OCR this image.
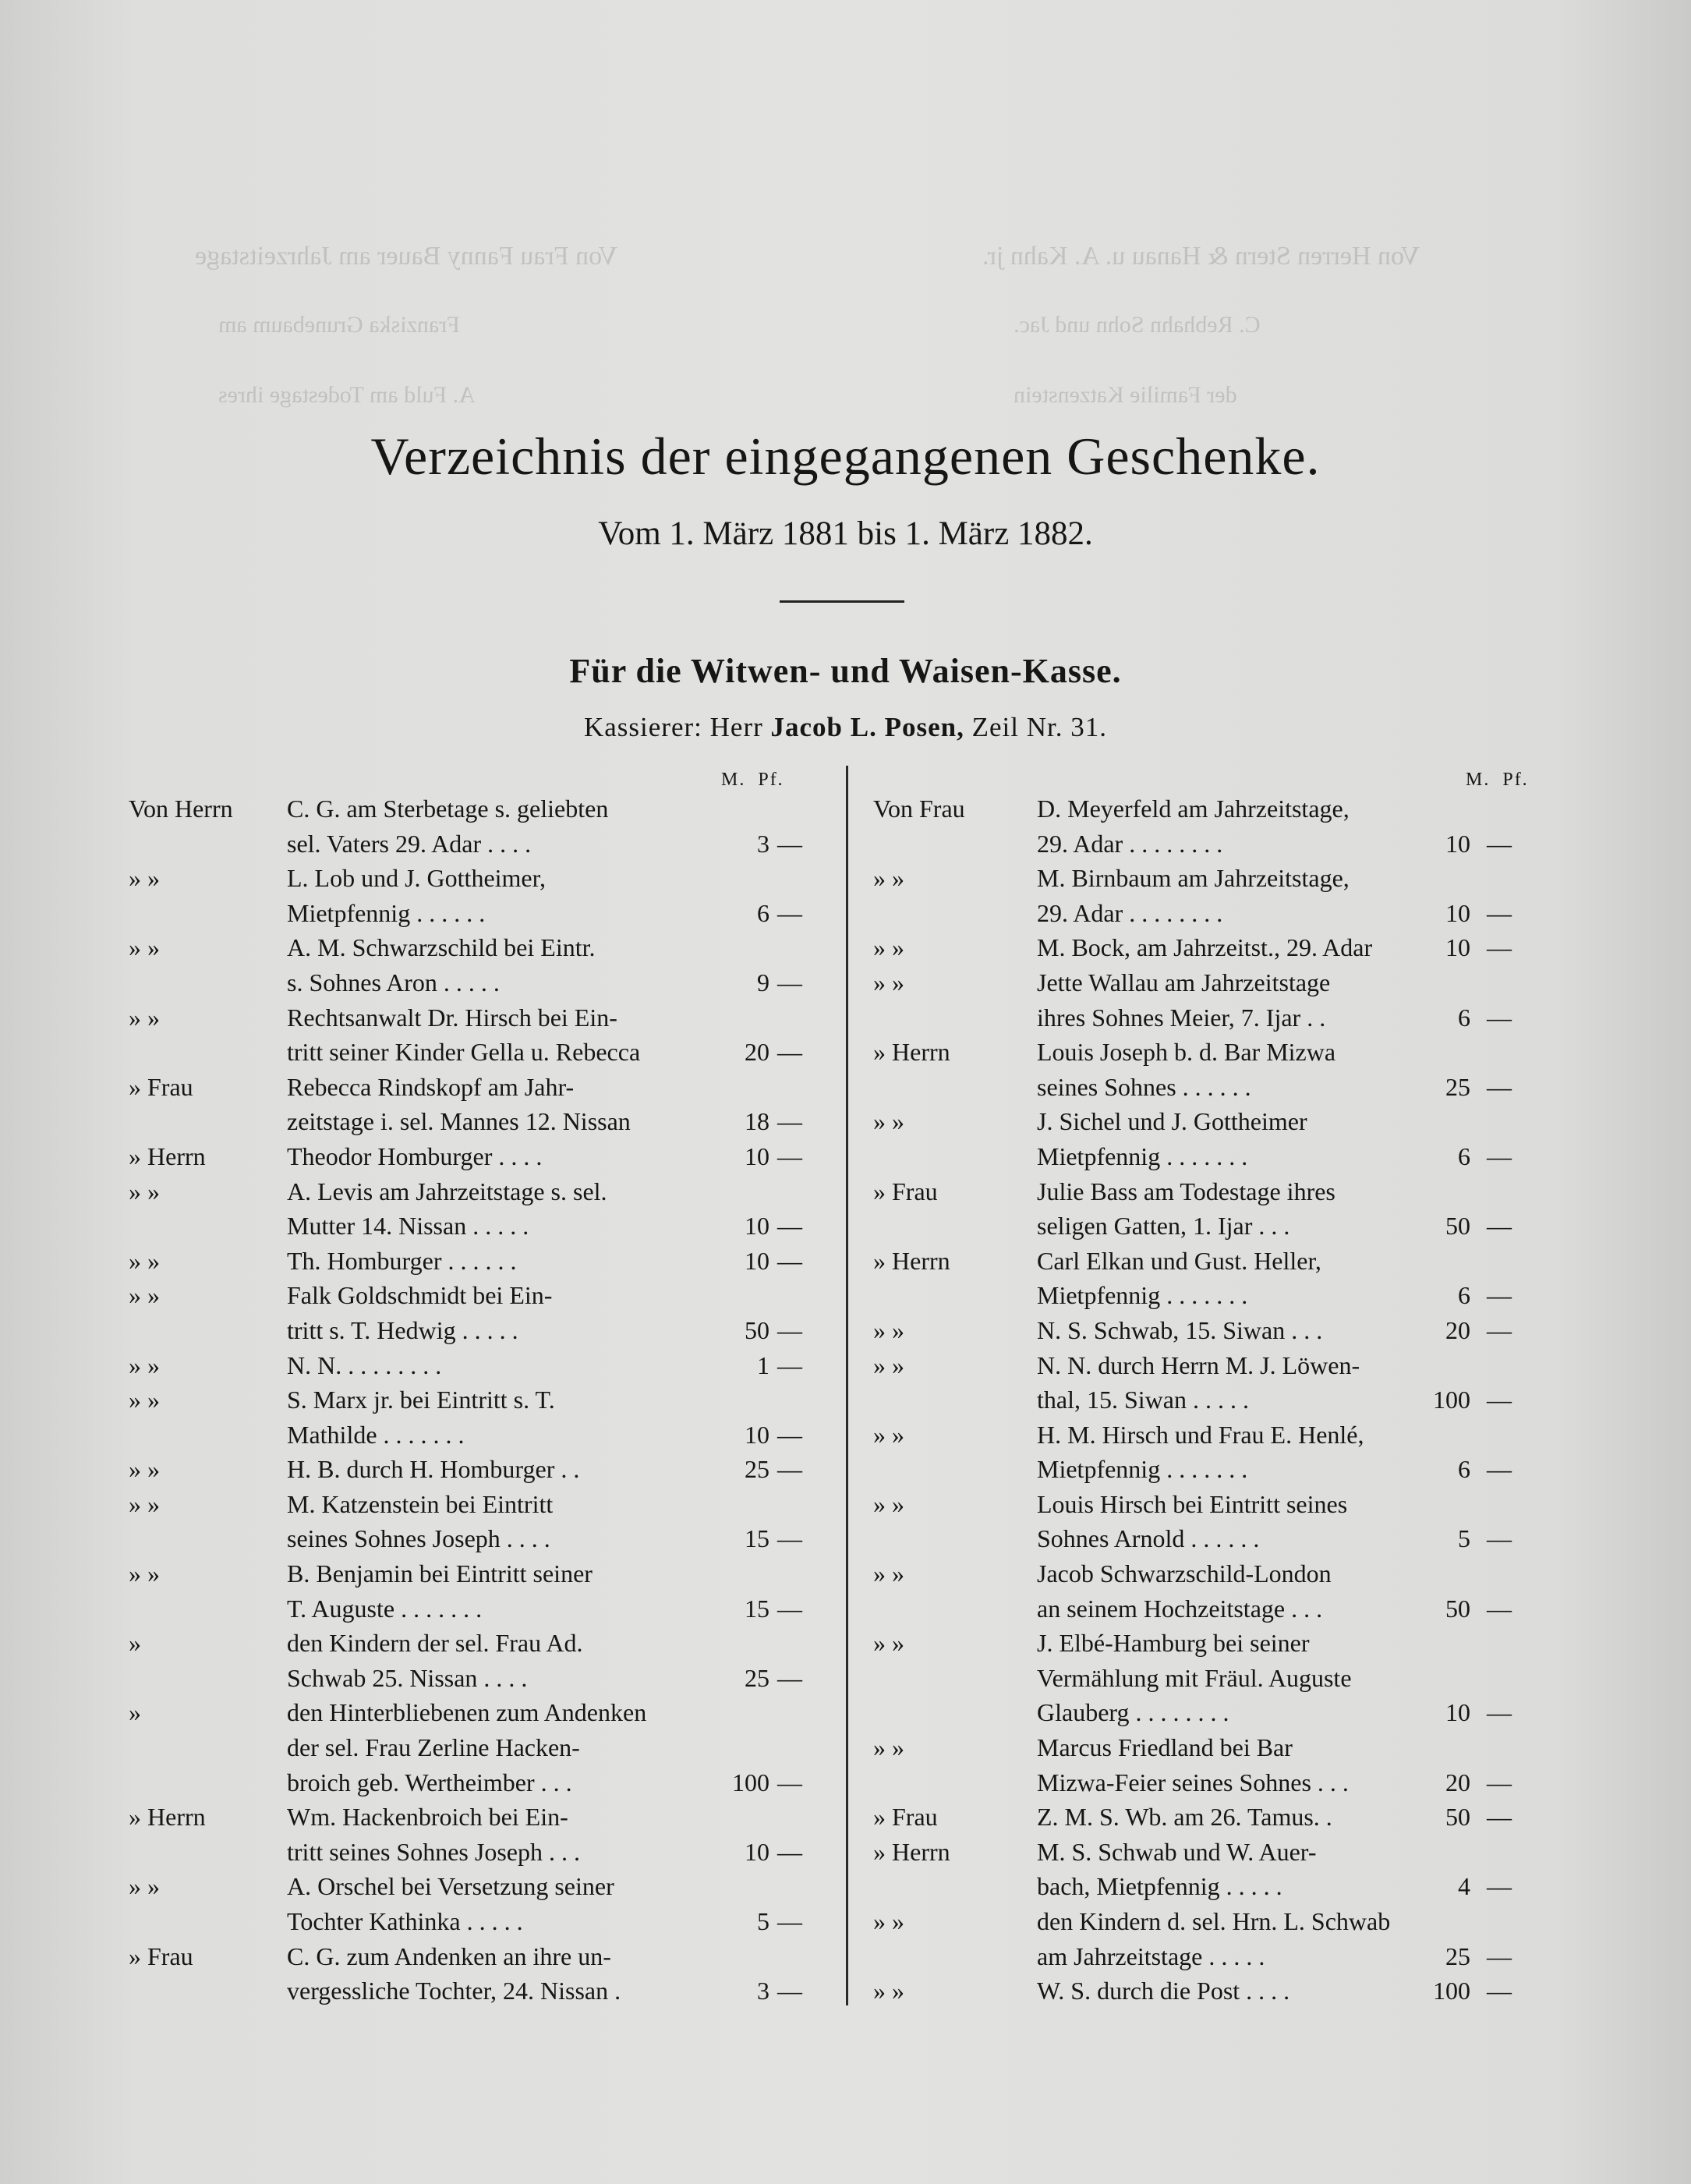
Von Herren Stern & Hanau u. A. Kahn jr.
Von Frau Fanny Bauer am Jahrzeitstage
C. Rebhahn Sohn und Jac.
Franziska Grunebaum am
der Familie Katzenstein
A. Fuld am Todestage ihres
Verzeichnis der eingegangenen Geschenke.
Vom 1. März 1881 bis 1. März 1882.
Für die Witwen- und Waisen-Kasse.
Kassierer: Herr Jacob L. Posen, Zeil Nr. 31.
M. Pf.	M. Pf.
Von Herrn C. G. am Sterbetage s. geliebten
sel. Vaters 29. Adar . . . .	3 —
» »	L. Lob und J. Gottheimer,
Mietpfennig . . . . . .	6 —
» »	A. M. Schwarzschild bei Eintr.
s. Sohnes Aron . . . . .	9 —
» »	Rechtsanwalt Dr. Hirsch bei Ein-
tritt seiner Kinder Gella u. Rebecca	20 —
» Frau	Rebecca Rindskopf am Jahr-
zeitstage i. sel. Mannes 12. Nissan	18 —
» Herrn	Theodor Homburger . . . .	10 —
» »	A. Levis am Jahrzeitstage s. sel.
Mutter 14. Nissan . . . . .	10 —
» »	Th. Homburger . . . . . .	10 —
» »	Falk Goldschmidt bei Ein-
tritt s. T. Hedwig . . . . .	50 —
» »	N. N. . . . . . . . .	1 —
» »	S. Marx jr. bei Eintritt s. T.
Mathilde . . . . . . .	10 —
» »	H. B. durch H. Homburger . .	25 —
» »	M. Katzenstein bei Eintritt
seines Sohnes Joseph . . . .	15 —
» »	B. Benjamin bei Eintritt seiner
T. Auguste . . . . . . .	15 —
»	den Kindern der sel. Frau Ad.
Schwab 25. Nissan . . . .	25 —
»	den Hinterbliebenen zum Andenken
der sel. Frau Zerline Hacken-
broich geb. Wertheimber . . .	100 —
» Herrn	Wm. Hackenbroich bei Ein-
tritt seines Sohnes Joseph . . .	10 —
» »	A. Orschel bei Versetzung seiner
Tochter Kathinka . . . . .	5 —
» Frau	C. G. zum Andenken an ihre un-
vergessliche Tochter, 24. Nissan .	3 —
Von Frau	D. Meyerfeld am Jahrzeitstage,
29. Adar . . . . . . . .	10 —
» »	M. Birnbaum am Jahrzeitstage,
29. Adar . . . . . . . .	10 —
» »	M. Bock, am Jahrzeitst., 29. Adar	10 —
» »	Jette Wallau am Jahrzeitstage
ihres Sohnes Meier, 7. Ijar . .	6 —
» Herrn	Louis Joseph b. d. Bar Mizwa
seines Sohnes . . . . . .	25 —
» »	J. Sichel und J. Gottheimer
Mietpfennig . . . . . . .	6 —
» Frau	Julie Bass am Todestage ihres
seligen Gatten, 1. Ijar . . .	50 —
» Herrn	Carl Elkan und Gust. Heller,
Mietpfennig . . . . . . .	6 —
» »	N. S. Schwab, 15. Siwan . . .	20 —
» »	N. N. durch Herrn M. J. Löwen-
thal, 15. Siwan . . . . .	100 —
» »	H. M. Hirsch und Frau E. Henlé,
Mietpfennig . . . . . . .	6 —
» »	Louis Hirsch bei Eintritt seines
Sohnes Arnold . . . . . .	5 —
» »	Jacob Schwarzschild-London
an seinem Hochzeitstage . . .	50 —
» »	J. Elbé-Hamburg bei seiner
Vermählung mit Fräul. Auguste
Glauberg . . . . . . . .	10 —
» »	Marcus Friedland bei Bar
Mizwa-Feier seines Sohnes . . .	20 —
» Frau	Z. M. S. Wb. am 26. Tamus. .	50 —
» Herrn	M. S. Schwab und W. Auer-
bach, Mietpfennig . . . . .	4 —
» »	den Kindern d. sel. Hrn. L. Schwab
am Jahrzeitstage . . . . .	25 —
» »	W. S. durch die Post . . . .	100 —
